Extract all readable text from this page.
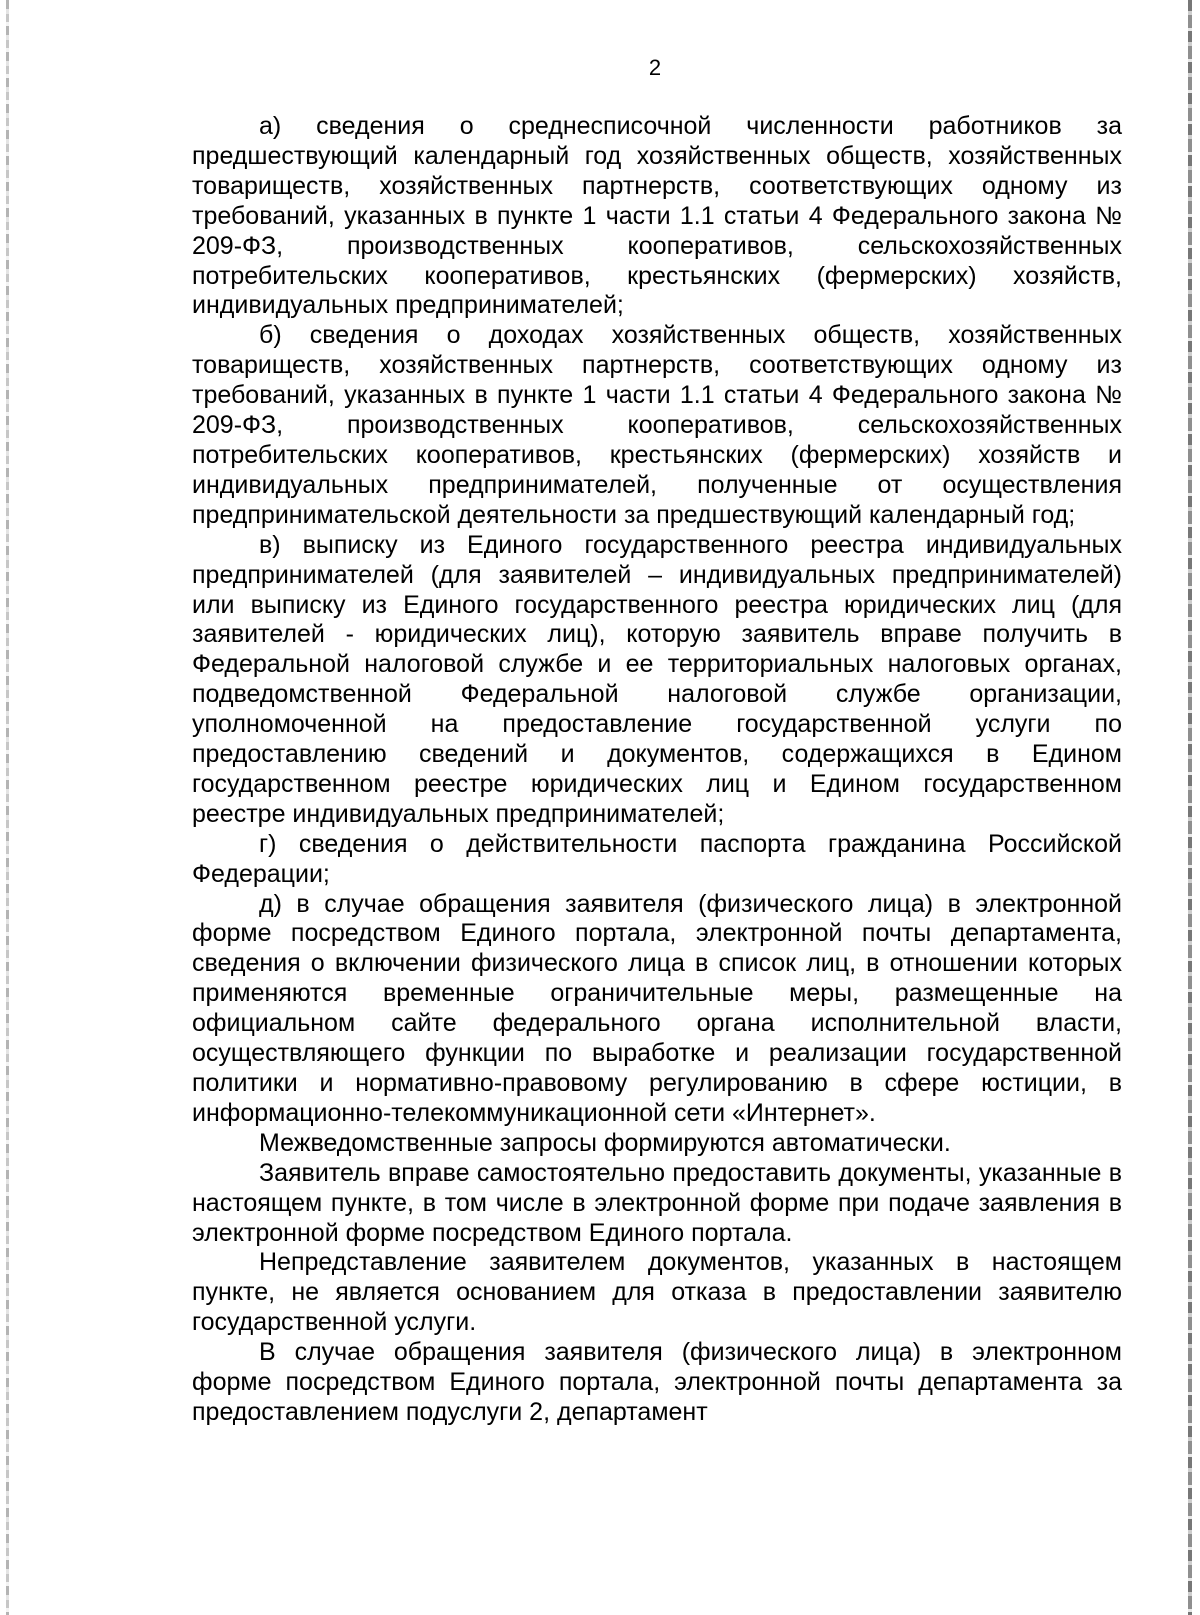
2

а) сведения о среднесписочной численности работников за предшествующий календарный год хозяйственных обществ, хозяйственных товариществ, хозяйственных партнерств, соответствующих одному из требований, указанных в пункте 1 части 1.1 статьи 4 Федерального закона № 209-ФЗ, производственных кооперативов, сельскохозяйственных потребительских кооперативов, крестьянских (фермерских) хозяйств, индивидуальных предпринимателей;

б) сведения о доходах хозяйственных обществ, хозяйственных товариществ, хозяйственных партнерств, соответствующих одному из требований, указанных в пункте 1 части 1.1 статьи 4 Федерального закона № 209-ФЗ, производственных кооперативов, сельскохозяйственных потребительских кооперативов, крестьянских (фермерских) хозяйств и индивидуальных предпринимателей, полученные от осуществления предпринимательской деятельности за предшествующий календарный год;

в) выписку из Единого государственного реестра индивидуальных предпринимателей (для заявителей – индивидуальных предпринимателей) или выписку из Единого государственного реестра юридических лиц (для заявителей - юридических лиц), которую заявитель вправе получить в Федеральной налоговой службе и ее территориальных налоговых органах, подведомственной Федеральной налоговой службе организации, уполномоченной на предоставление государственной услуги по предоставлению сведений и документов, содержащихся в Едином государственном реестре юридических лиц и Едином государственном реестре индивидуальных предпринимателей;

г) сведения о действительности паспорта гражданина Российской Федерации;

д) в случае обращения заявителя (физического лица) в электронной форме посредством Единого портала, электронной почты департамента, сведения о включении физического лица в список лиц, в отношении которых применяются временные ограничительные меры, размещенные на официальном сайте федерального органа исполнительной власти, осуществляющего функции по выработке и реализации государственной политики и нормативно-правовому регулированию в сфере юстиции, в информационно-телекоммуникационной сети «Интернет».

Межведомственные запросы формируются автоматически.

Заявитель вправе самостоятельно предоставить документы, указанные в настоящем пункте, в том числе в электронной форме при подаче заявления в электронной форме посредством Единого портала.

Непредставление заявителем документов, указанных в настоящем пункте, не является основанием для отказа в предоставлении заявителю государственной услуги.

В случае обращения заявителя (физического лица) в электронном форме посредством Единого портала, электронной почты департамента за предоставлением подуслуги 2, департамент
